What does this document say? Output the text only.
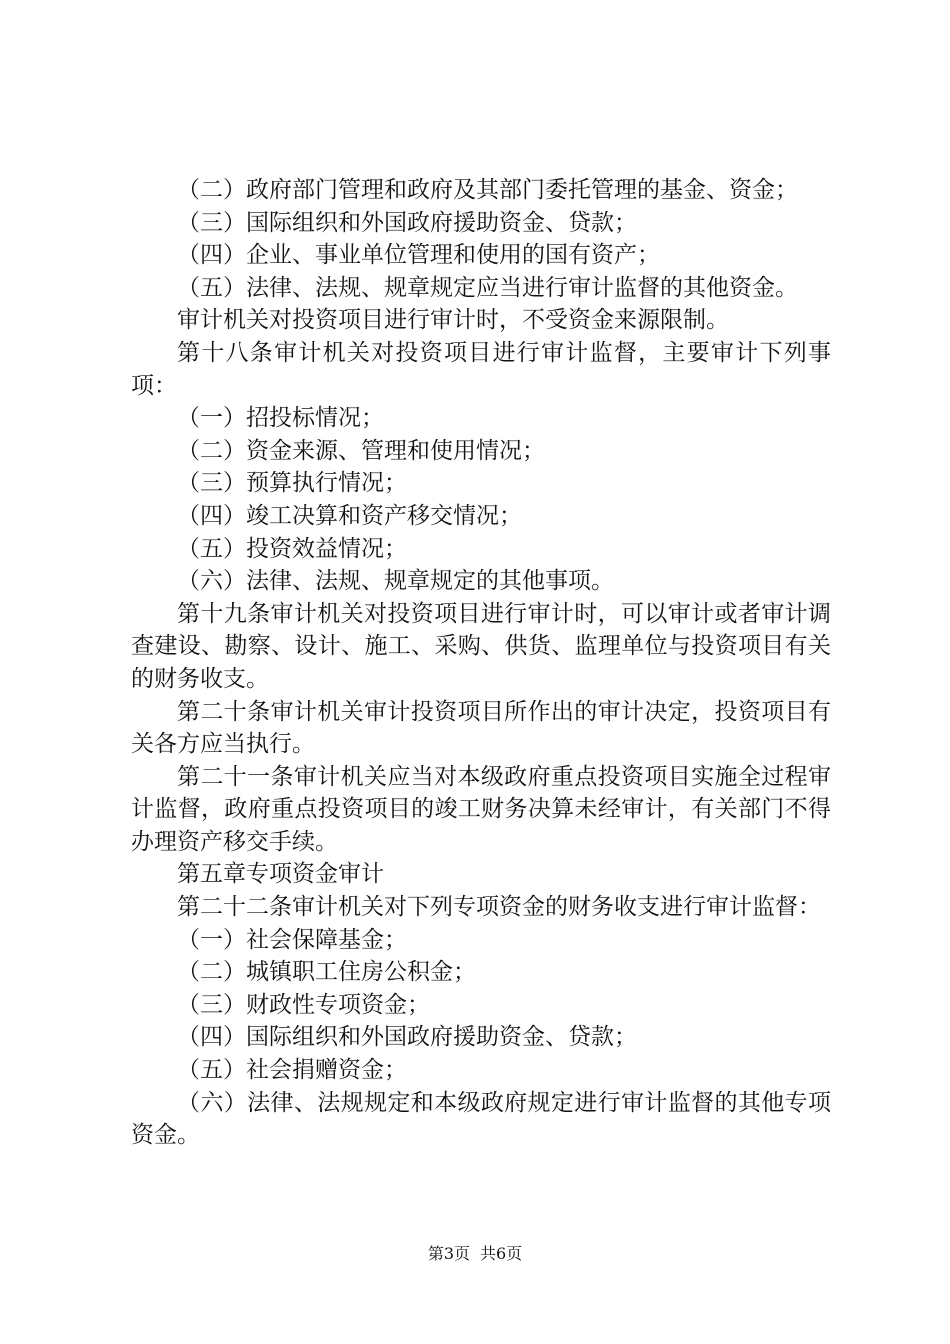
（二）政府部门管理和政府及其部门委托管理的基金、资金；

（三）国际组织和外国政府援助资金、贷款；

（四）企业、事业单位管理和使用的国有资产；

（五）法律、法规、规章规定应当进行审计监督的其他资金。

审计机关对投资项目进行审计时，不受资金来源限制。

第十八条审计机关对投资项目进行审计监督，主要审计下列事项：

（一）招投标情况；

（二）资金来源、管理和使用情况；

（三）预算执行情况；

（四）竣工决算和资产移交情况；

（五）投资效益情况；

（六）法律、法规、规章规定的其他事项。

第十九条审计机关对投资项目进行审计时，可以审计或者审计调查建设、勘察、设计、施工、采购、供货、监理单位与投资项目有关的财务收支。

第二十条审计机关审计投资项目所作出的审计决定，投资项目有关各方应当执行。

第二十一条审计机关应当对本级政府重点投资项目实施全过程审计监督，政府重点投资项目的竣工财务决算未经审计，有关部门不得办理资产移交手续。

第五章专项资金审计

第二十二条审计机关对下列专项资金的财务收支进行审计监督：

（一）社会保障基金；

（二）城镇职工住房公积金；

（三）财政性专项资金；

（四）国际组织和外国政府援助资金、贷款；

（五）社会捐赠资金；

（六）法律、法规规定和本级政府规定进行审计监督的其他专项资金。

第3页 共6页
